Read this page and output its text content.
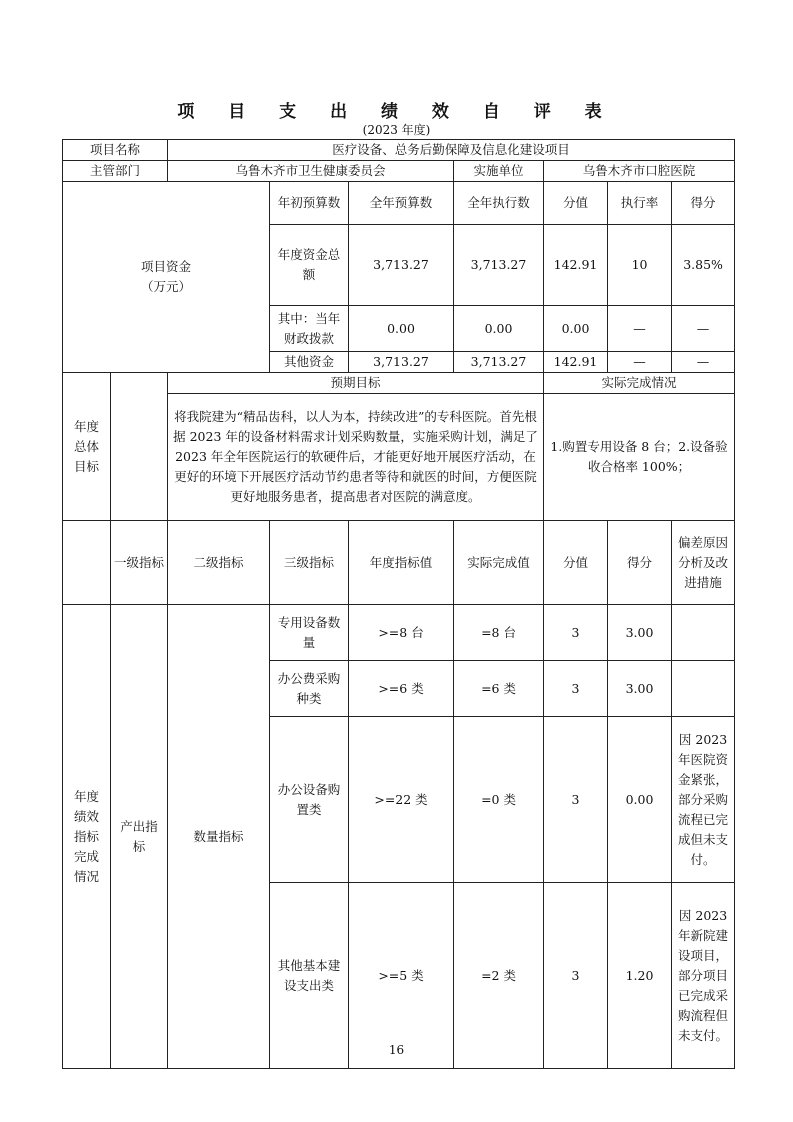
项 目 支 出 绩 效 自 评 表
(2023 年度)
项目名称		医疗设备、总务后勤保障及信息化建设项目							
主管部门		乌鲁木齐市卫生健康委员会			实施单位	乌鲁木齐市口腔医院			
项目资金
（万元）			年初预算数	全年预算数	全年执行数	分值	执行率	得分	
			年度资金总额	3,713.27	3,713.27	142.91	10	3.85%	
			其中：当年财政拨款	0.00	0.00	0.00	—	—	
			其他资金	3,713.27	3,713.27	142.91	—	—	
年度
总体
目标		预期目标				实际完成情况			
		将我院建为“精品齿科，以人为本，持续改进”的专科医院。首先根据 2023 年的设备材料需求计划采购数量，实施采购计划，满足了 2023 年全年医院运行的软硬件后，才能更好地开展医疗活动，在更好的环境下开展医疗活动节约患者等待和就医的时间，方便医院更好地服务患者，提高患者对医院的满意度。				1.购置专用设备 8 台；2.设备验收合格率 100%；			
	一级指标	二级指标	三级指标	年度指标值	实际完成值	分值	得分	偏差原因分析及改进措施	
年度
绩效
指标
完成
情况	产出指
标	数量指标	专用设备数量	>=8 台	=8 台	3	3.00		
			办公费采购种类	>=6 类	=6 类	3	3.00		
			办公设备购置类	>=22 类	=0 类	3	0.00	因 2023 年医院资金紧张，部分采购流程已完成但未支付。	
			其他基本建设支出类	>=5 类	=2 类	3	1.20	因 2023 年新院建设项目，部分项目已完成采购流程但未支付。	
16
